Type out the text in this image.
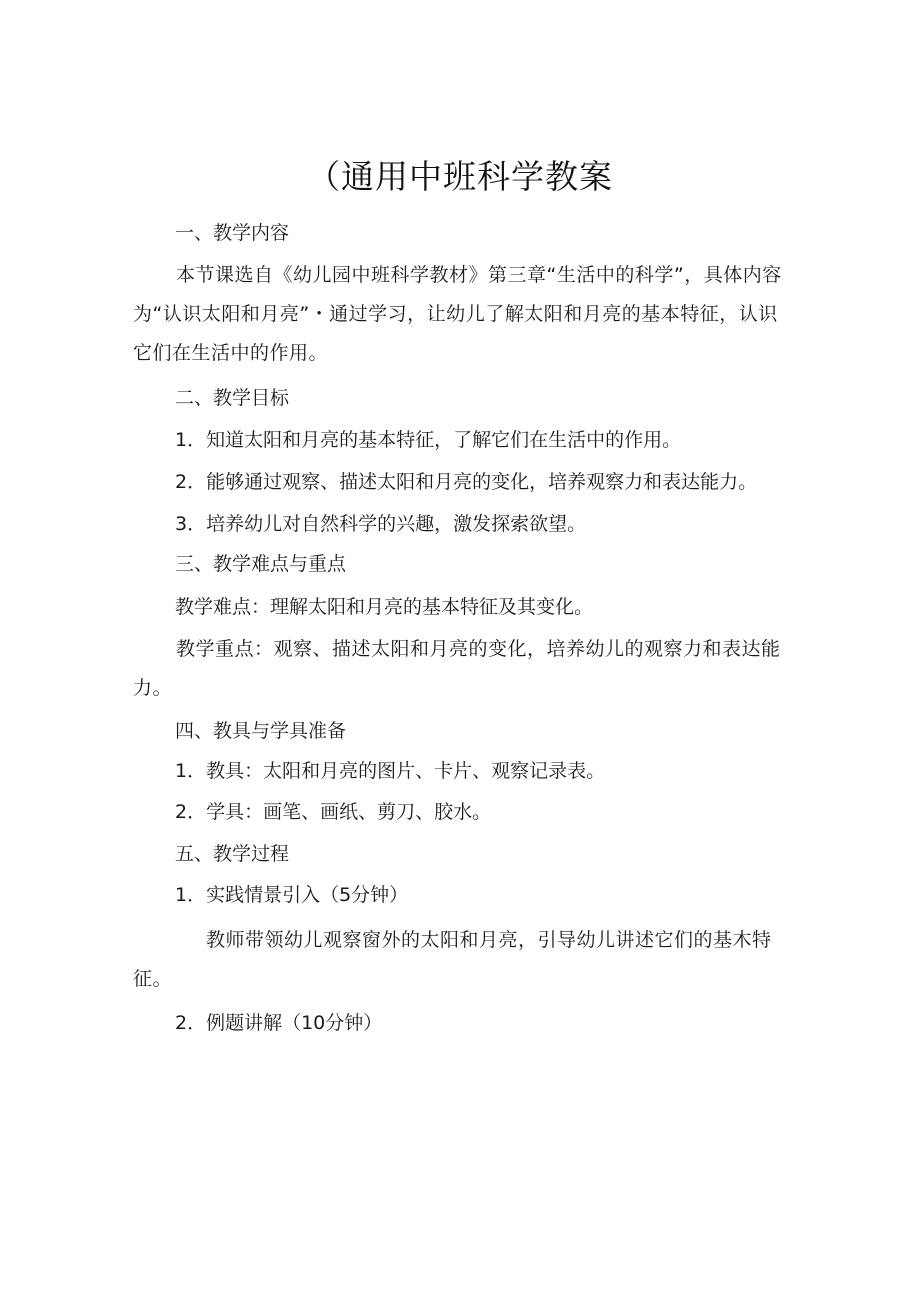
（通用中班科学教案
一、教学内容
本节课选自《幼儿园中班科学教材》第三章“生活中的科学”，具体内容为“认识太阳和月亮”・通过学习，让幼儿了解太阳和月亮的基本特征，认识它们在生活中的作用。
二、教学目标
1．知道太阳和月亮的基本特征，了解它们在生活中的作用。
2．能够通过观察、描述太阳和月亮的变化，培养观察力和表达能力。
3．培养幼儿对自然科学的兴趣，激发探索欲望。
三、教学难点与重点
教学难点：理解太阳和月亮的基本特征及其变化。
教学重点：观察、描述太阳和月亮的变化，培养幼儿的观察力和表达能力。
四、教具与学具准备
1．教具：太阳和月亮的图片、卡片、观察记录表。
2．学具：画笔、画纸、剪刀、胶水。
五、教学过程
1．实践情景引入（5分钟）
教师带领幼儿观察窗外的太阳和月亮，引导幼儿讲述它们的基木特征。
2．例题讲解（10分钟）
